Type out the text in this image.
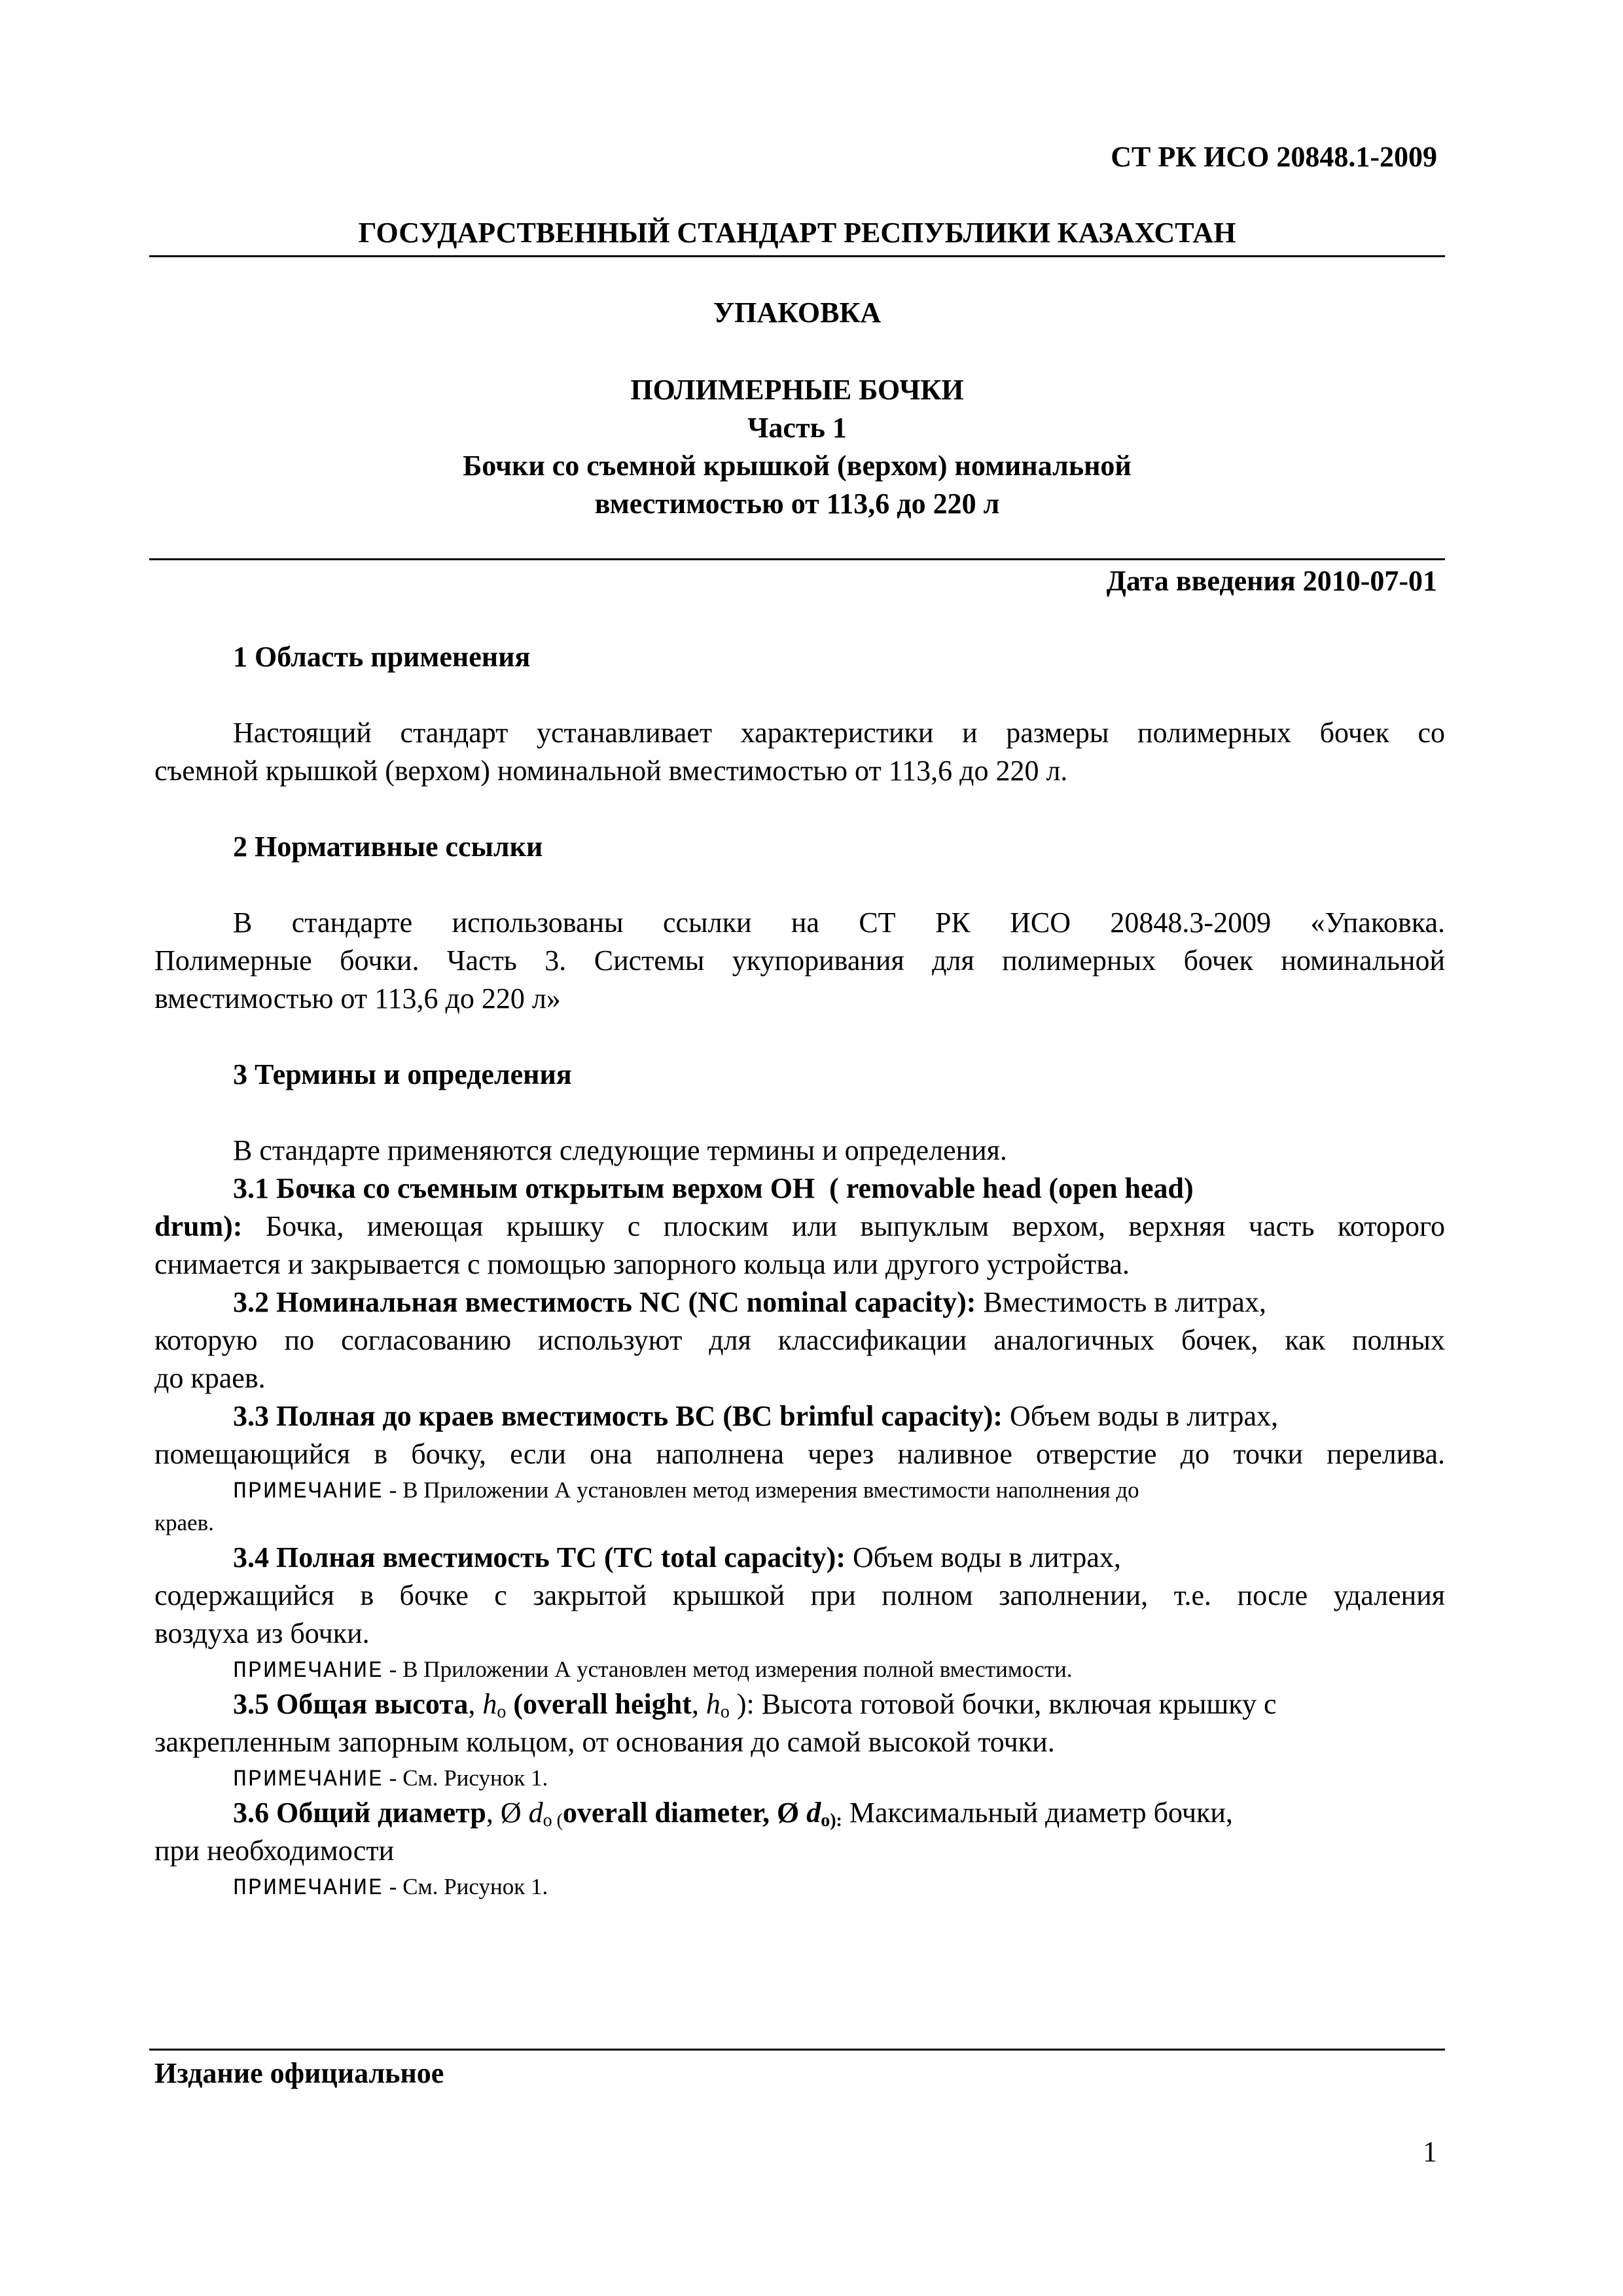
СТ РК ИСО 20848.1-2009
ГОСУДАРСТВЕННЫЙ СТАНДАРТ РЕСПУБЛИКИ КАЗАХСТАН
УПАКОВКА
ПОЛИМЕРНЫЕ БОЧКИ
Часть 1
Бочки со съемной крышкой (верхом) номинальной
вместимостью от 113,6 до 220 л
Дата введения 2010-07-01
1 Область применения
Настоящий стандарт устанавливает характеристики и размеры полимерных бочек со
съемной крышкой (верхом) номинальной вместимостью от 113,6 до 220 л.
2 Нормативные ссылки
В стандарте использованы ссылки на СТ РК ИСО 20848.3-2009 «Упаковка.
Полимерные бочки. Часть 3. Системы укупоривания для полимерных бочек номинальной
вместимостью от 113,6 до 220 л»
3 Термины и определения
В стандарте применяются следующие термины и определения.
3.1 Бочка со съемным открытым верхом ОН  ( removable head (open head)
drum): Бочка, имеющая крышку с плоским или выпуклым верхом, верхняя часть которого
снимается и закрывается с помощью запорного кольца или другого устройства.
3.2 Номинальная вместимость NC (NC nominal capacity): Вместимость в литрах,
которую по согласованию используют для классификации аналогичных бочек, как полных
до краев.
3.3 Полная до краев вместимость BC (BC brimful capacity): Объем воды в литрах,
помещающийся в бочку, если она наполнена через наливное отверстие до точки перелива.
ПРИМЕЧАНИЕ - В Приложении А установлен метод измерения вместимости наполнения до
краев.
3.4 Полная вместимость TC (TC total capacity): Объем воды в литрах,
содержащийся в бочке с закрытой крышкой при полном заполнении, т.е. после удаления
воздуха из бочки.
ПРИМЕЧАНИЕ - В Приложении А установлен метод измерения полной вместимости.
3.5 Общая высота, $h_o$ (overall height, $h_o$ ): Высота готовой бочки, включая крышку с
закрепленным запорным кольцом, от основания до самой высокой точки.
ПРИМЕЧАНИЕ - См. Рисунок 1.
3.6 Общий диаметр, Ø $d_o$ $_($overall diameter, Ø $d_{o):}$ Максимальный диаметр бочки,
при необходимости
ПРИМЕЧАНИЕ - См. Рисунок 1.
Издание официальное
1
